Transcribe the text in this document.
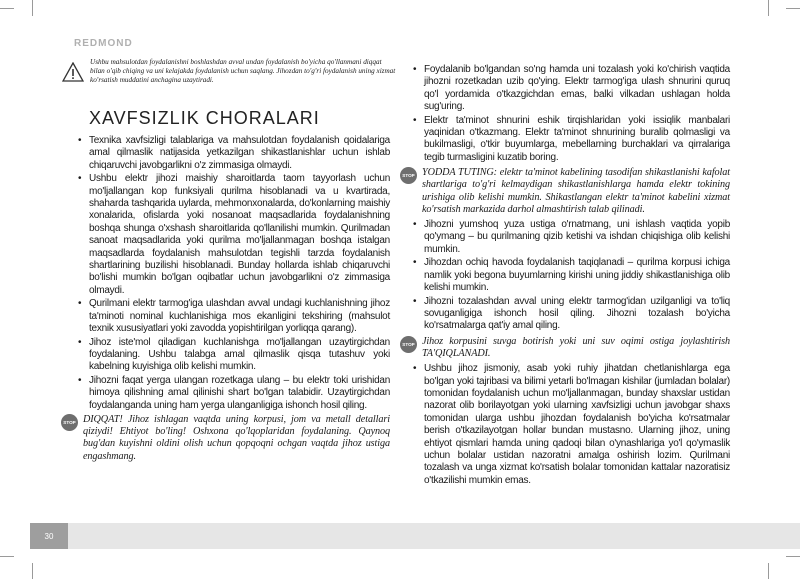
REDMOND
Ushbu mahsulotdan foydalanishni boshlashdan avval undan foydalanish bo'yicha qo'llanmani diqqat bilan o'qib chiqing va uni kelajakda foydalanish uchun saqlang. Jihozdan to'g'ri foydalanish uning xizmat ko'rsatish muddatini anchagina uzaytiradi.
XAVFSIZLIK CHORALARI
• Texnika xavfsizligi talablariga va mahsulotdan foydalanish qoidalariga amal qilmaslik natijasida yetkazilgan shikastlanishlar uchun ishlab chiqaruvchi javobgarlikni o'z zimmasiga olmaydi.
• Ushbu elektr jihozi maishiy sharoitlarda taom tayyorlash uchun mo'ljallangan kop funksiyali qurilma hisoblanadi va u kvartirada, shaharda tashqarida uylarda, mehmonxonalarda, do'konlarning maishiy xonalarida, ofislarda yoki nosanoat maqsadlarida foydalanishning boshqa shunga o'xshash sharoitlarida qo'llanilishi mumkin. Qurilmadan sanoat maqsadlarida yoki qurilma mo'ljallanmagan boshqa istalgan maqsadlarda foydalanish mahsulotdan tegishli tarzda foydalanish shartlarining buzilishi hisoblanadi. Bunday hollarda ishlab chiqaruvchi bo'lishi mumkin bo'lgan oqibatlar uchun javobgarlikni o'z zimmasiga olmaydi.
• Qurilmani elektr tarmog'iga ulashdan avval undagi kuchlanishning jihoz ta'minoti nominal kuchlanishiga mos ekanligini tekshiring (mahsulot texnik xususiyatlari yoki zavodda yopishtirilgan yorliqqa qarang).
• Jihoz iste'mol qiladigan kuchlanishga mo'ljallangan uzaytirgichdan foydalaning. Ushbu talabga amal qilmaslik qisqa tutashuv yoki kabelning kuyishiga olib kelishi mumkin.
• Jihozni faqat yerga ulangan rozetkaga ulang – bu elektr toki urishidan himoya qilishning amal qilinishi shart bo'lgan talabidir. Uzaytirgichdan foydalanganda uning ham yerga ulanganligiga ishonch hosil qiling.
STOP DIQQAT! Jihoz ishlagan vaqtda uning korpusi, jom va metall detallari qiziydi! Ehtiyot bo'ling! Oshxona qo'lqoplaridan foydalaning. Qaynoq bug'dan kuyishni oldini olish uchun qopqoqni ochgan vaqtda jihoz ustiga engashmang.
• Foydalanib bo'lgandan so'ng hamda uni tozalash yoki ko'chirish vaqtida jihozni rozetkadan uzib qo'ying. Elektr tarmog'iga ulash shnurini quruq qo'l yordamida o'tkazgichdan emas, balki vilkadan ushlagan holda sug'uring.
• Elektr ta'minot shnurini eshik tirqishlaridan yoki issiqlik manbalari yaqinidan o'tkazmang. Elektr ta'minot shnurining buralib qolmasligi va bukilmasligi, o'tkir buyumlarga, mebellarning burchaklari va qirralariga tegib turmasligini kuzatib boring.
STOP YODDA TUTING: elektr ta'minot kabelining tasodifan shikastlanishi kafolat shartlariga to'g'ri kelmaydigan shikastlanishlarga hamda elektr tokining urishiga olib kelishi mumkin. Shikastlangan elektr ta'minot kabelini xizmat ko'rsatish markazida darhol almashtirish talab qilinadi.
• Jihozni yumshoq yuza ustiga o'rnatmang, uni ishlash vaqtida yopib qo'ymang – bu qurilmaning qizib ketishi va ishdan chiqishiga olib kelishi mumkin.
• Jihozdan ochiq havoda foydalanish taqiqlanadi – qurilma korpusi ichiga namlik yoki begona buyumlarning kirishi uning jiddiy shikastlanishiga olib kelishi mumkin.
• Jihozni tozalashdan avval uning elektr tarmog'idan uzilganligi va to'liq sovuganligiga ishonch hosil qiling. Jihozni tozalash bo'yicha ko'rsatmalarga qat'iy amal qiling.
STOP Jihoz korpusini suvga botirish yoki uni suv oqimi ostiga joylashtirish TA'QIQLANADI.
• Ushbu jihoz jismoniy, asab yoki ruhiy jihatdan chetlanishlarga ega bo'lgan yoki tajribasi va bilimi yetarli bo'lmagan kishilar (jumladan bolalar) tomonidan foydalanish uchun mo'ljallanmagan, bunday shaxslar ustidan nazorat olib borilayotgan yoki ularning xavfsizligi uchun javobgar shaxs tomonidan ularga ushbu jihozdan foydalanish bo'yicha ko'rsatmalar berish o'tkazilayotgan hollar bundan mustasno. Ularning jihoz, uning ehtiyot qismlari hamda uning qadoqi bilan o'ynashlariga yo'l qo'ymaslik uchun bolalar ustidan nazoratni amalga oshirish lozim. Qurilmani tozalash va unga xizmat ko'rsatish bolalar tomonidan kattalar nazoratisiz o'tkazilishi mumkin emas.
30
